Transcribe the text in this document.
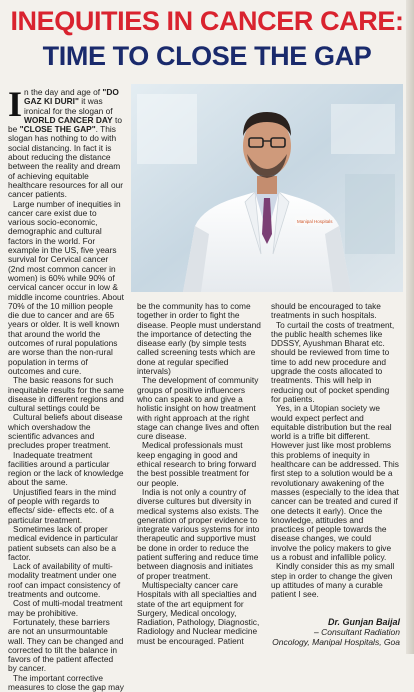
INEQUITIES IN CANCER CARE:
TIME TO CLOSE THE GAP

In the day and age of "DO GAZ KI DURI" it was ironical for the slogan of WORLD CANCER DAY to be "CLOSE THE GAP". This slogan has nothing to do with social distancing. In fact it is about reducing the distance between the reality and dream of achieving equitable healthcare resources for all our cancer patients.

Large number of inequities in cancer care exist due to various socio-economic, demographic and cultural factors in the world. For example in the US, five years survival for Cervical cancer (2nd most common cancer in women) is 60% while 90% of cervical cancer occur in low & middle income countries. About 70% of the 10 million people die due to cancer and are 65 years or older. It is well known that around the world the outcomes of rural populations are worse than the non-rural population in terms of outcomes and cure.

The basic reasons for such inequitable results for the same disease in different regions and cultural settings could be

Cultural beliefs about disease which overshadow the scientific advances and precludes proper treatment.

Inadequate treatment facilities around a particular region or the lack of knowledge about the same.

Unjustified fears in the mind of people with regards to effects/ side- effects etc. of a particular treatment.

Sometimes lack of proper medical evidence in particular patient subsets can also be a factor.

Lack of availability of multi-modality treatment under one roof can impact consistency of treatments and outcome.

Cost of multi-modal treatment may be prohibitive.

Fortunately, these barriers are not an unsurmountable wall. They can be changed and corrected to tilt the balance in favors of the patient affected by cancer.

The important corrective measures to close the gap may

Manipal Hospitals

be the community has to come together in order to fight the disease. People must understand the importance of detecting the disease early (by simple tests called screening tests which are done at regular specified intervals)

The development of community groups of positive influencers who can speak to and give a holistic insight on how treatment with right approach at the right stage can change lives and often cure disease.

Medical professionals must keep engaging in good and ethical research to bring forward the best possible treatment for our people.

India is not only a country of diverse cultures but diversity in medical systems also exists. The generation of proper evidence to integrate various systems for into therapeutic and supportive must be done in order to reduce the patient suffering and reduce time between diagnosis and initiates of proper treatment.

Multispecialty cancer care Hospitals with all specialties and state of the art equipment for Surgery, Medical oncology, Radiation, Pathology, Diagnostic, Radiology and Nuclear medicine must be encouraged. Patient

should be encouraged to take treatments in such hospitals.

To curtail the costs of treatment, the public health schemes like DDSSY, Ayushman Bharat etc. should be reviewed from time to time to add new procedure and upgrade the costs allocated to treatments. This will help in reducing out of pocket spending for patients.

Yes, in a Utopian society we would expect perfect and equitable distribution but the real world is a trifle bit different. However just like most problems this problems of inequity in healthcare can be addressed. This first step to a solution would be a revolutionary awakening of the masses (especially to the idea that cancer can be treated and cured if one detects it early). Once the knowledge, attitudes and practices of people towards the disease changes, we could involve the policy makers to give us a robust and infallible policy.

Kindly consider this as my small step in order to change the given up attitudes of many a curable patient I see.

Dr. Gunjan Baijal
– Consultant Radiation
Oncology, Manipal Hospitals, Goa
